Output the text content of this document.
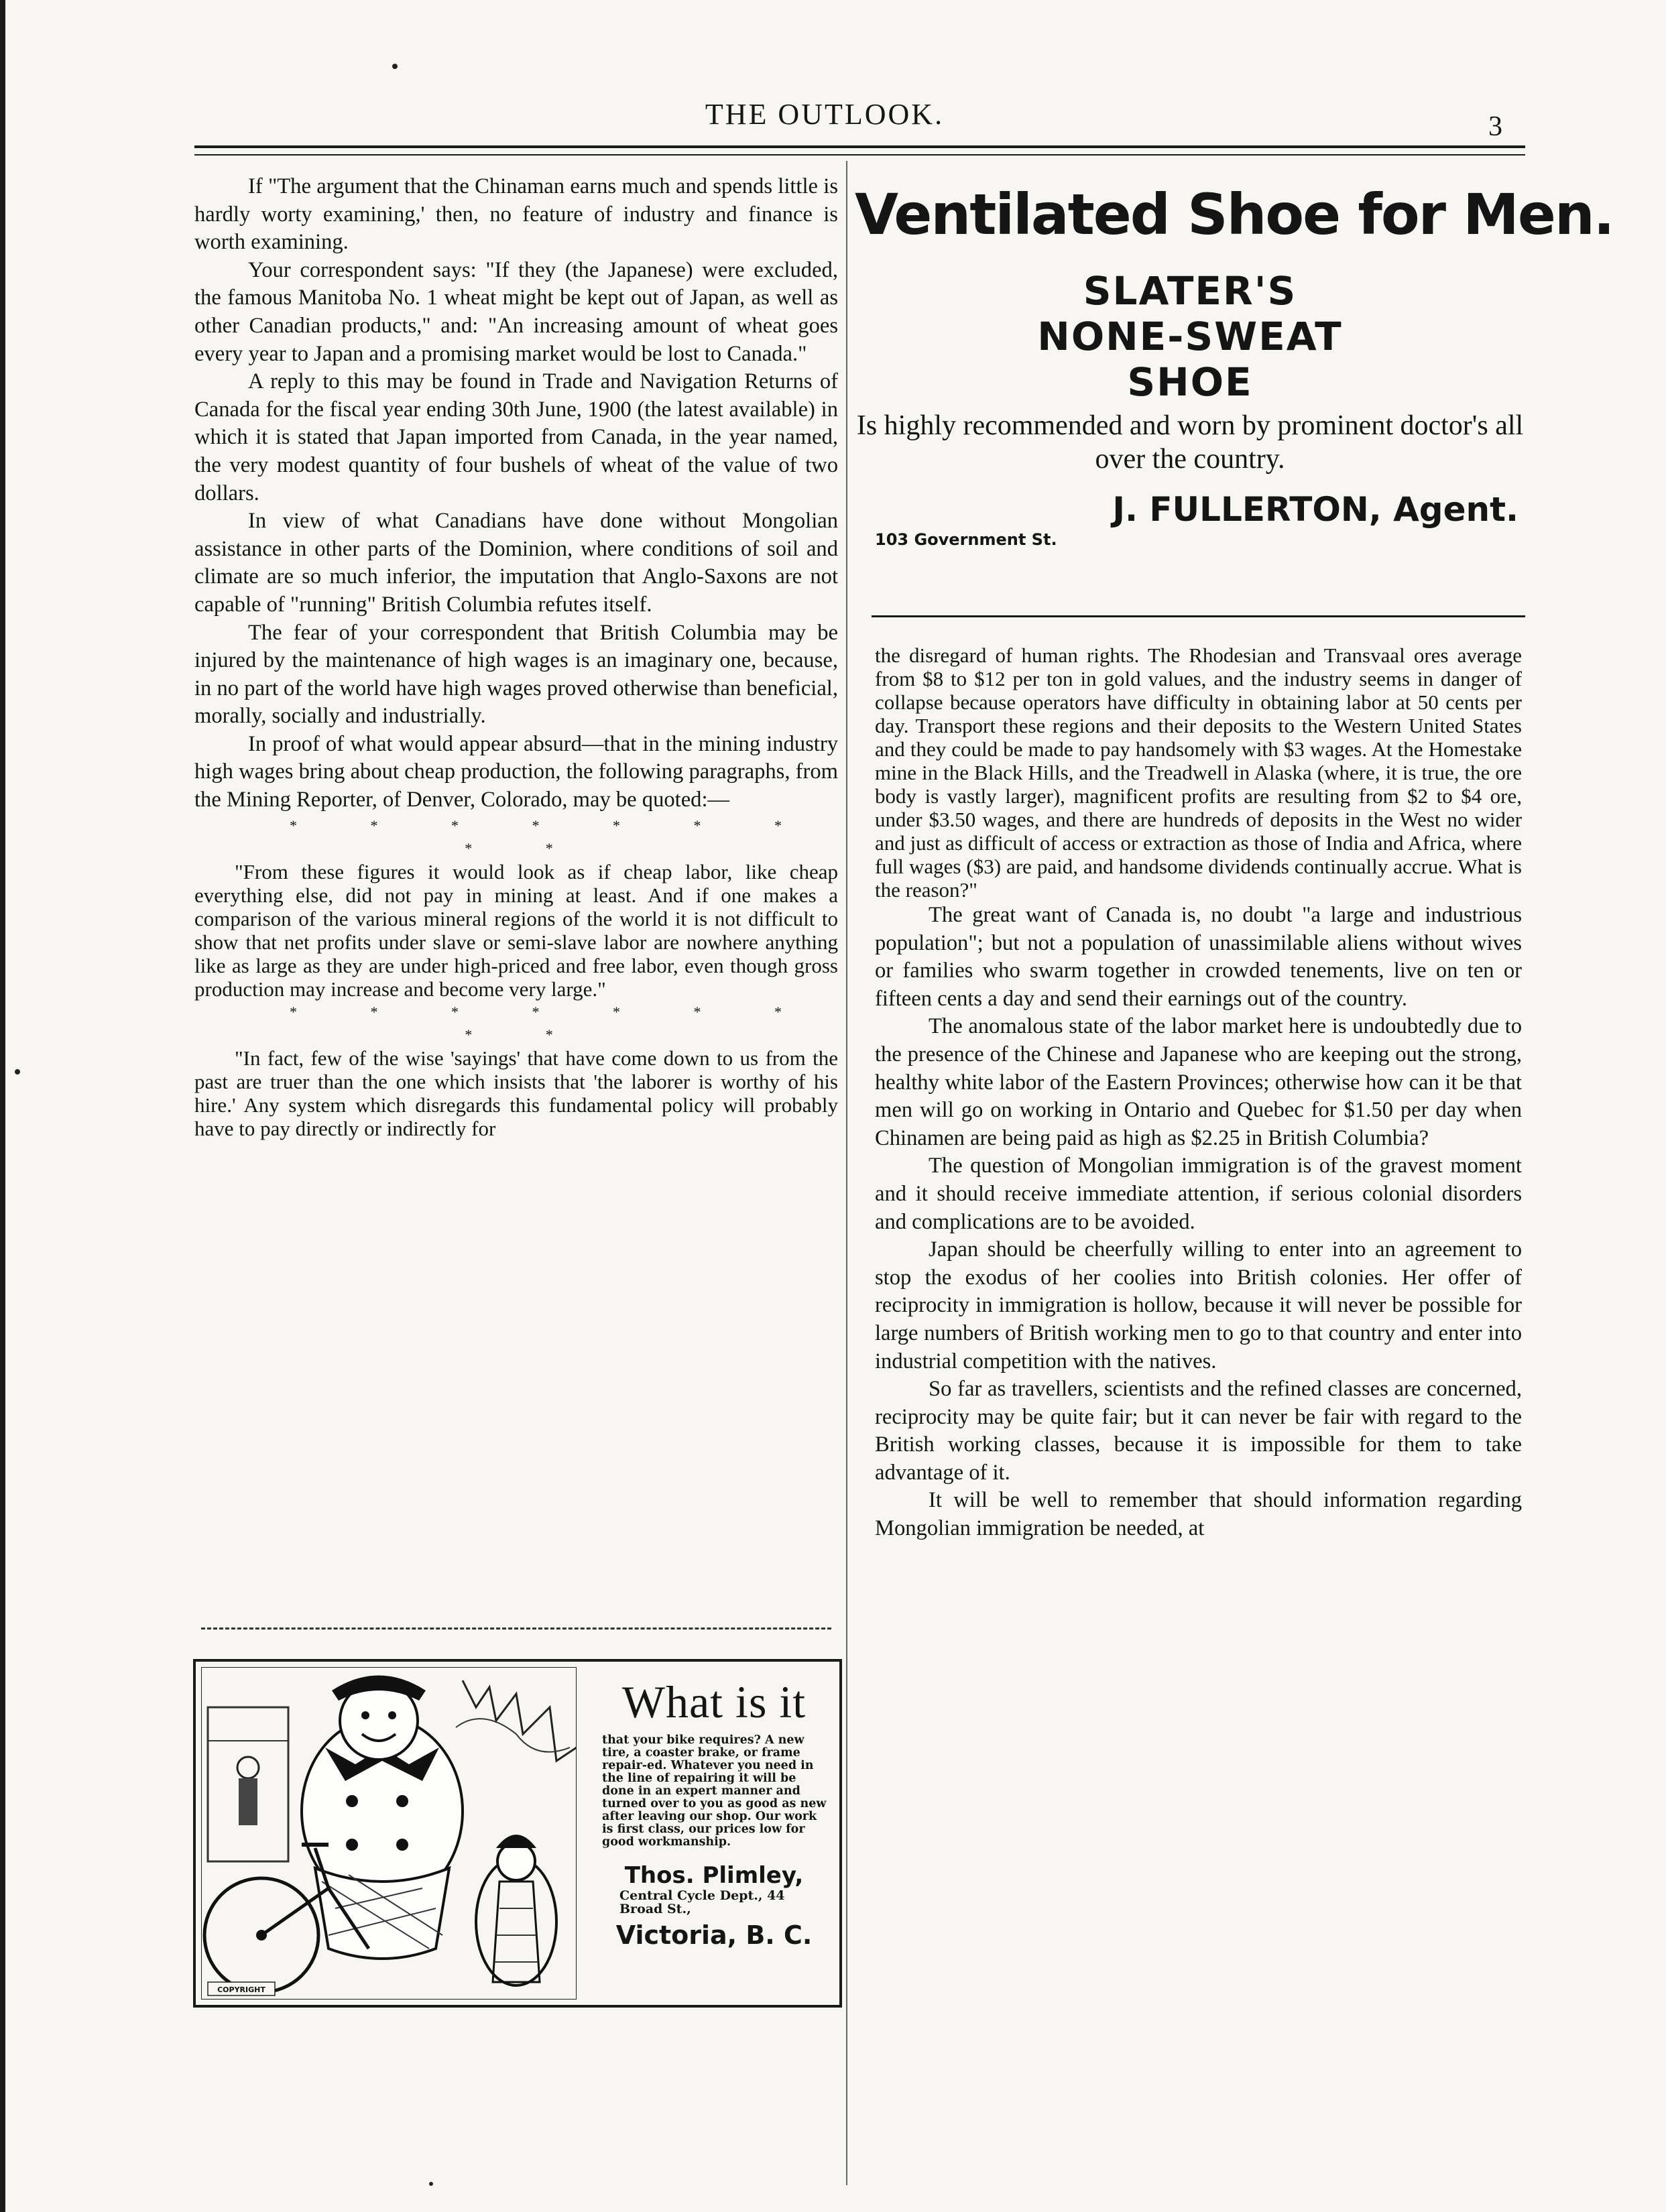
THE OUTLOOK.	3

If "The argument that the Chinaman earns much and spends little is hardly worty examining,' then, no feature of industry and finance is worth examining.

Your correspondent says: "If they (the Japanese) were excluded, the famous Manitoba No. 1 wheat might be kept out of Japan, as well as other Canadian products," and: "An increasing amount of wheat goes every year to Japan and a promising market would be lost to Canada."

A reply to this may be found in Trade and Navigation Returns of Canada for the fiscal year ending 30th June, 1900 (the latest available) in which it is stated that Japan imported from Canada, in the year named, the very modest quantity of four bushels of wheat of the value of two dollars.

In view of what Canadians have done without Mongolian assistance in other parts of the Dominion, where conditions of soil and climate are so much inferior, the imputation that Anglo-Saxons are not capable of "running" British Columbia refutes itself.

The fear of your correspondent that British Columbia may be injured by the maintenance of high wages is an imaginary one, because, in no part of the world have high wages proved otherwise than beneficial, morally, socially and industrially.

In proof of what would appear absurd—that in the mining industry high wages bring about cheap production, the following paragraphs, from the Mining Reporter, of Denver, Colorado, may be quoted:—

* * * * * * * * *

"From these figures it would look as if cheap labor, like cheap everything else, did not pay in mining at least. And if one makes a comparison of the various mineral regions of the world it is not difficult to show that net profits under slave or semi-slave labor are nowhere anything like as large as they are under high-priced and free labor, even though gross production may increase and become very large."

* * * * * * * * *

"In fact, few of the wise 'sayings' that have come down to us from the past are truer than the one which insists that 'the laborer is worthy of his hire.' Any system which disregards this fundamental policy will probably have to pay directly or indirectly for

Ventilated Shoe for Men.
SLATER'S
NONE-SWEAT
SHOE
Is highly recommended and worn by prominent doctor's all over the country.
J. FULLERTON, Agent.
103 Government St.

the disregard of human rights. The Rhodesian and Transvaal ores average from $8 to $12 per ton in gold values, and the industry seems in danger of collapse because operators have difficulty in obtaining labor at 50 cents per day. Transport these regions and their deposits to the Western United States and they could be made to pay handsomely with $3 wages. At the Homestake mine in the Black Hills, and the Treadwell in Alaska (where, it is true, the ore body is vastly larger), magnificent profits are resulting from $2 to $4 ore, under $3.50 wages, and there are hundreds of deposits in the West no wider and just as difficult of access or extraction as those of India and Africa, where full wages ($3) are paid, and handsome dividends continually accrue. What is the reason?"

The great want of Canada is, no doubt "a large and industrious population"; but not a population of unassimilable aliens without wives or families who swarm together in crowded tenements, live on ten or fifteen cents a day and send their earnings out of the country.

The anomalous state of the labor market here is undoubtedly due to the presence of the Chinese and Japanese who are keeping out the strong, healthy white labor of the Eastern Provinces; otherwise how can it be that men will go on working in Ontario and Quebec for $1.50 per day when Chinamen are being paid as high as $2.25 in British Columbia?

The question of Mongolian immigration is of the gravest moment and it should receive immediate attention, if serious colonial disorders and complications are to be avoided.

Japan should be cheerfully willing to enter into an agreement to stop the exodus of her coolies into British colonies. Her offer of reciprocity in immigration is hollow, because it will never be possible for large numbers of British working men to go to that country and enter into industrial competition with the natives.

So far as travellers, scientists and the refined classes are concerned, reciprocity may be quite fair; but it can never be fair with regard to the British working classes, because it is impossible for them to take advantage of it.

It will be well to remember that should information regarding Mongolian immigration be needed, at

COPYRIGHT
What is it
that your bike requires? A new tire, a coaster brake, or frame repair-ed. Whatever you need in the line of repairing it will be done in an expert manner and turned over to you as good as new after leaving our shop. Our work is first class, our prices low for good workmanship.
Thos. Plimley,
Central Cycle Dept., 44 Broad St.,
Victoria, B. C.
